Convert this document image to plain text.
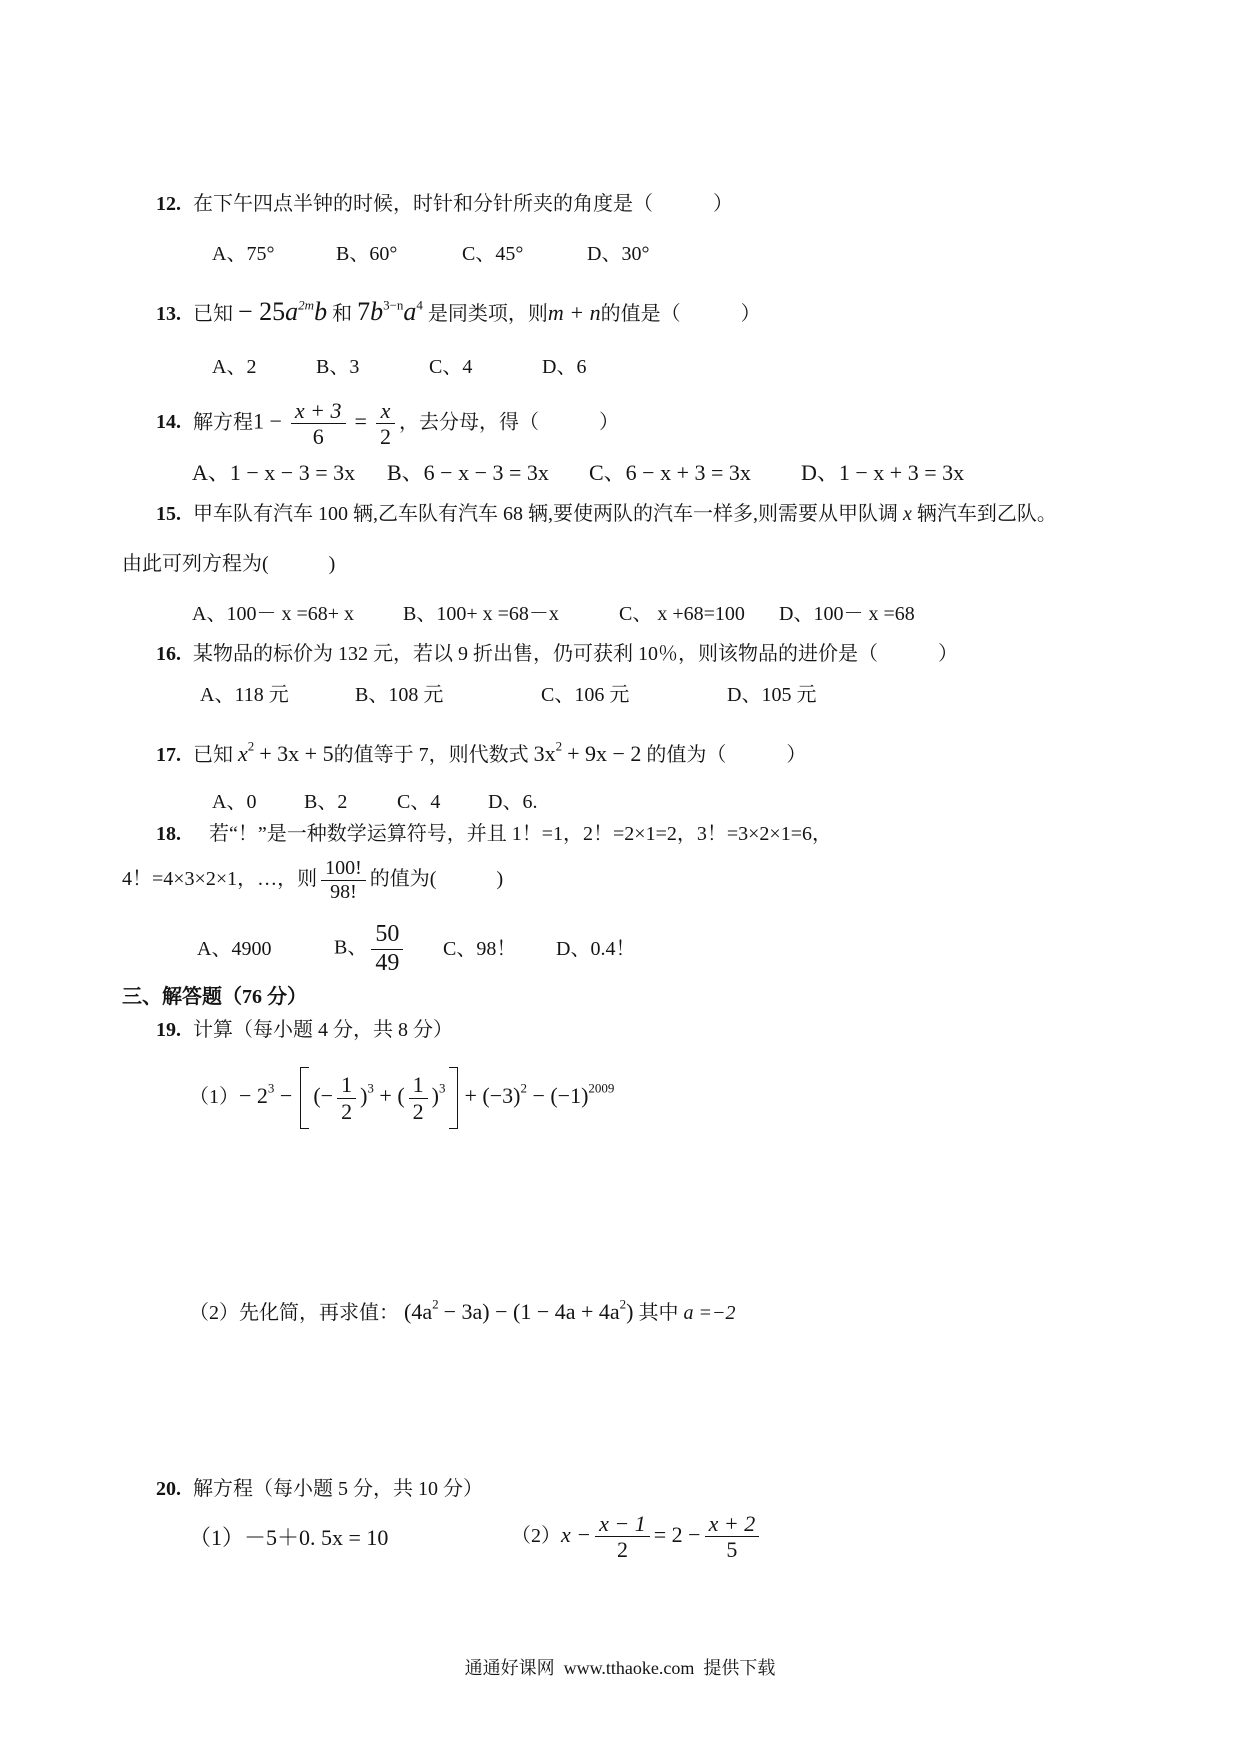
12. 在下午四点半钟的时候，时针和分针所夹的角度是（　　　）
A、75°	B、60°	C、45°	D、30°
13. 已知 − $25a^{2m}b$ 和 $7b^{3-n}a^4$ 是同类项，则m + n的值是（　　　）
A、2	B、3	C、4	D、6
14. 解方程$1 - \frac{x + 3}{6} = \frac{x}{2}$ ，去分母，得（　　　）
A、1 − x − 3 = 3x B、6 − x − 3 = 3x C、6 − x + 3 = 3x D、1 − x + 3 = 3x
15. 甲车队有汽车 100 辆,乙车队有汽车 68 辆,要使两队的汽车一样多,则需要从甲队调 x 辆汽车到乙队。
由此可列方程为(　　　)
A、100－ x =68+ x B、100+ x =68－x	C、 x +68=100 D、100－ x =68
16. 某物品的标价为 132 元，若以 9 折出售，仍可获利 10％，则该物品的进价是（　　　）
A、118 元	B、108 元	C、106 元	D、105 元
17. 已知 $x^2 + 3x + 5$的值等于 7，则代数式 $3x^2 + 9x - 2$ 的值为（　　　）
A、0 B、2 C、4 D、6.
18. 若“！”是一种数学运算符号，并且 1！=1，2！=2×1=2，3！=3×2×1=6，
4！=4×3×2×1，…，则 $\frac{100!}{98!}$ 的值为(　　　)
A、4900	B、 $\frac{50}{49}$ C、98！ D、0.4！
三、解答题（76 分）
19. 计算（每小题 4 分，共 8 分）
$(1)- 2^3$ − (− $\frac{1}{2} )^3$ + ( $\frac{1}{2} )^3 + (-3)^2 - (-1)^{2009}$
（2）先化简，再求值： $(4a^2 - 3a) - (1 - 4a + 4a^2)$ 其中 a =−2
20. 解方程（每小题 5 分，共 10 分）
（1）－5＋0. 5x = 10	$(2)x - \frac{x - 1}{2} = 2 - \frac{x + 2}{5}$
通通好课网  www.tthaoke.com  提供下载
